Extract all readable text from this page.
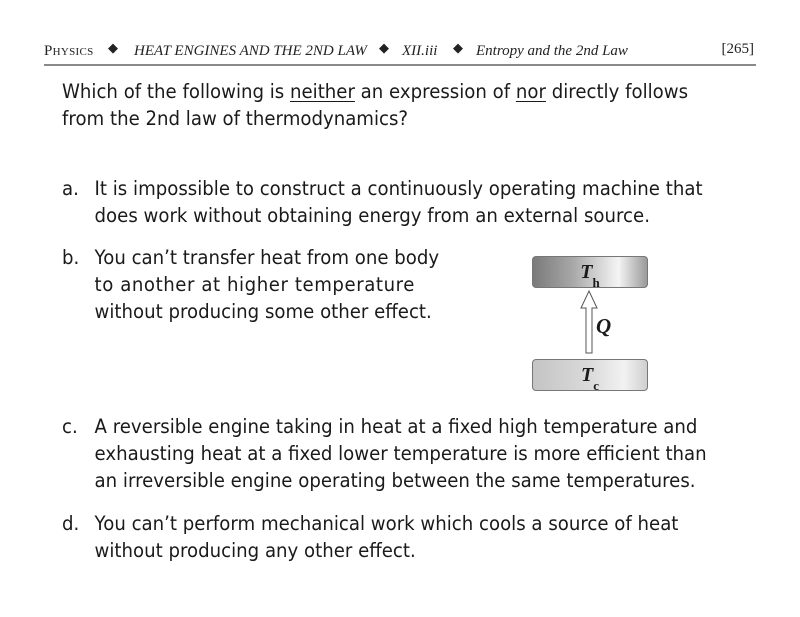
Physics ◆ HEAT ENGINES AND THE 2ND LAW ◆ XII.iii ◆ Entropy and the 2nd Law	[265]
Which of the following is neither an expression of nor directly follows
from the 2nd law of thermodynamics?
a. It is impossible to construct a continuously operating machine that
does work without obtaining energy from an external source.
b. You can’t transfer heat from one body
to another at higher temperature
without producing some other effect.
$T_h$
Q
$T_c$
c. A reversible engine taking in heat at a fixed high temperature and
exhausting heat at a fixed lower temperature is more efficient than
an irreversible engine operating between the same temperatures.
d. You can’t perform mechanical work which cools a source of heat
without producing any other effect.
